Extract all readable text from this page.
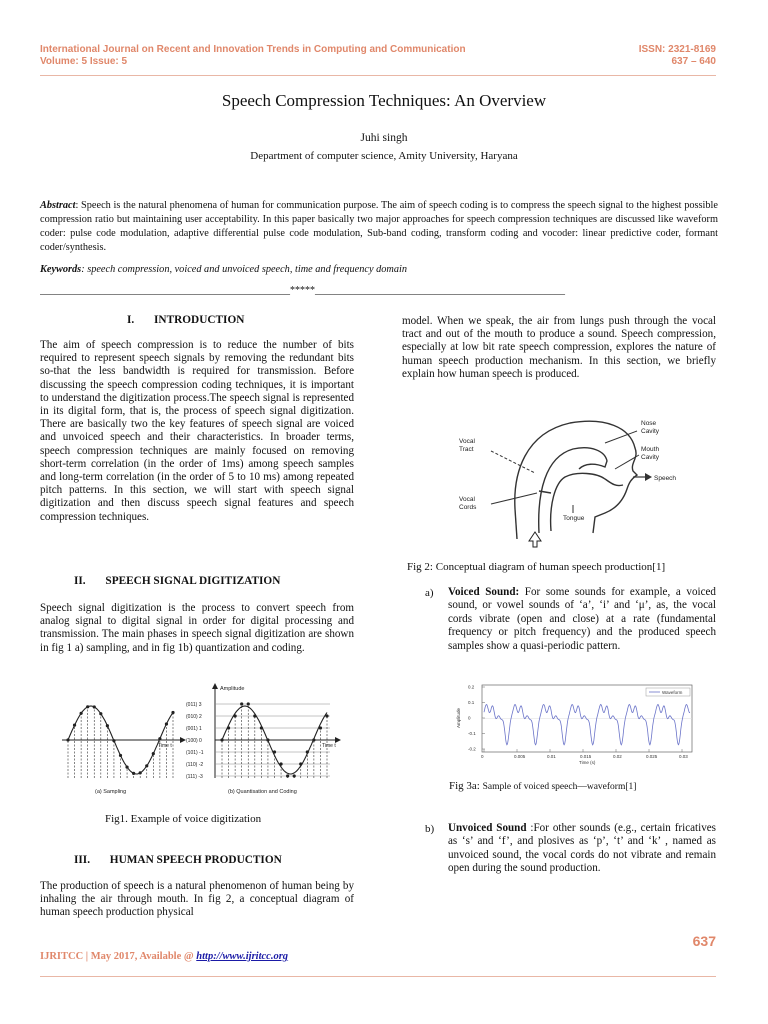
International Journal on Recent and Innovation Trends in Computing and Communication
Volume: 5 Issue: 5
ISSN: 2321-8169
637 – 640
Speech Compression Techniques: An Overview
Juhi singh
Department of computer science, Amity University, Haryana
Abstract: Speech is the natural phenomena of human for communication purpose. The aim of speech coding is to compress the speech signal to the highest possible compression ratio but maintaining user acceptability. In this paper basically two major approaches for speech compression techniques are discussed like waveform coder: pulse code modulation, adaptive differential pulse code modulation, Sub-band coding, transform coding and vocoder: linear predictive coder, formant coder/synthesis.
Keywords: speech compression, voiced and unvoiced speech, time and frequency domain
__________________________________________________*****__________________________________________________
I. INTRODUCTION
The aim of speech compression is to reduce the number of bits required to represent speech signals by removing the redundant bits so-that the less bandwidth is required for transmission. Before discussing the speech compression coding techniques, it is important to understand the digitization process.The speech signal is represented in its digital form, that is, the process of speech signal digitization. There are basically two the key features of speech signal are voiced and unvoiced speech and their characteristics. In broader terms, speech compression techniques are mainly focused on removing short-term correlation (in the order of 1ms) among speech samples and long-term correlation (in the order of 5 to 10 ms) among repeated pitch patterns. In this section, we will start with speech signal digitization and then discuss speech signal features and speech compression techniques.
II. SPEECH SIGNAL DIGITIZATION
Speech signal digitization is the process to convert speech from analog signal to digital signal in order for digital processing and transmission. The main phases in speech signal digitization are shown in fig 1 a) sampling, and in fig 1b) quantization and coding.
Time t
(a) Sampling
Amplitude
(011) 3
(010) 2
(001) 1
(100) 0
(101) -1
(110) -2
(111) -3
Time t
(b) Quantisation and Coding
Fig1. Example of voice digitization
III. HUMAN SPEECH PRODUCTION
The production of speech is a natural phenomenon of human being by inhaling the air through mouth. In fig 2, a conceptual diagram of human speech production physical
model. When we speak, the air from lungs push through the vocal tract and out of the mouth to produce a sound. Speech compression, especially at low bit rate speech compression, explores the nature of human speech production mechanism. In this section, we briefly explain how human speech is produced.
Vocal Tract
Vocal Cords
Nose Cavity
Mouth Cavity
Speech
Tongue
Fig 2: Conceptual diagram of human speech production[1]
a) Voiced Sound: For some sounds for example, a voiced sound, or vowel sounds of ‘a’, ‘i’ and ‘μ’, as, the vocal cords vibrate (open and close) at a rate (fundamental frequency or pitch frequency) and the produced speech samples show a quasi-periodic pattern.
0.2
0.1
0
-0.1
-0.2
0	0.005	0.01	0.015	0.02	0.025	0.03
Waveform
Amplitude
Time (s)
Fig 3a: Sample of voiced speech—waveform[1]
b) Unvoiced Sound :For other sounds (e.g., certain fricatives as ‘s’ and ‘f’, and plosives as ‘p’, ‘t’ and ‘k’ , named as unvoiced sound, the vocal cords do not vibrate and remain open during the sound production.
637
IJRITCC | May 2017, Available @ http://www.ijritcc.org
